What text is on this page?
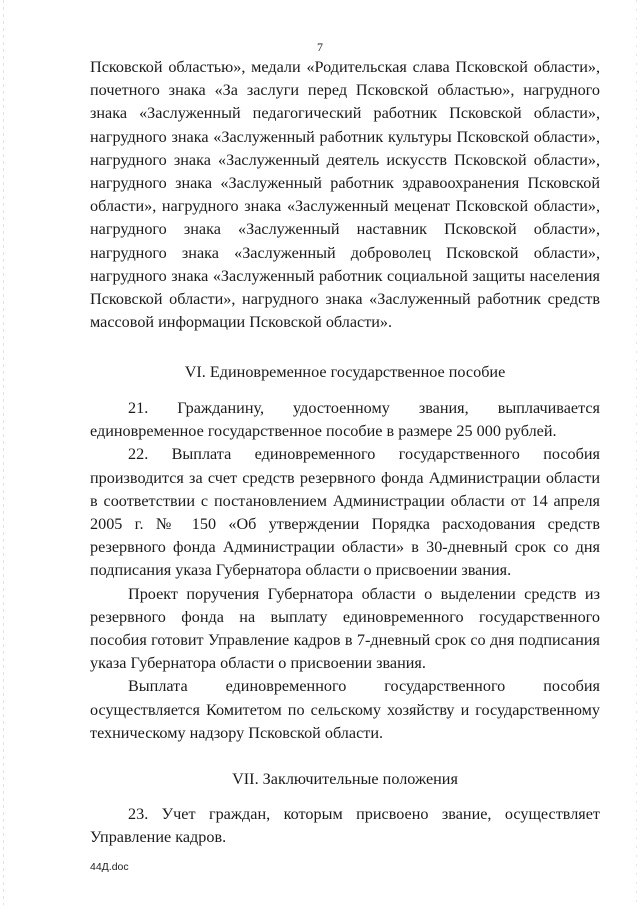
7

Псковской областью», медали «Родительская слава Псковской области», почетного знака «За заслуги перед Псковской областью», нагрудного знака «Заслуженный педагогический работник Псковской области», нагрудного знака «Заслуженный работник культуры Псковской области», нагрудного знака «Заслуженный деятель искусств Псковской области», нагрудного знака «Заслуженный работник здравоохранения Псковской области», нагрудного знака «Заслуженный меценат Псковской области», нагрудного знака «Заслуженный наставник Псковской области», нагрудного знака «Заслуженный доброволец Псковской области», нагрудного знака «Заслуженный работник социальной защиты населения Псковской области», нагрудного знака «Заслуженный работник средств массовой информации Псковской области».

VI. Единовременное государственное пособие

21. Гражданину, удостоенному звания, выплачивается единовременное государственное пособие в размере 25 000 рублей.

22. Выплата единовременного государственного пособия производится за счет средств резервного фонда Администрации области в соответствии с постановлением Администрации области от 14 апреля 2005 г. № 150 «Об утверждении Порядка расходования средств резервного фонда Администрации области» в 30-дневный срок со дня подписания указа Губернатора области о присвоении звания.

Проект поручения Губернатора области о выделении средств из резервного фонда на выплату единовременного государственного пособия готовит Управление кадров в 7-дневный срок со дня подписания указа Губернатора области о присвоении звания.

Выплата единовременного государственного пособия осуществляется Комитетом по сельскому хозяйству и государственному техническому надзору Псковской области.

VII. Заключительные положения

23. Учет граждан, которым присвоено звание, осуществляет Управление кадров.

44Д.doc
